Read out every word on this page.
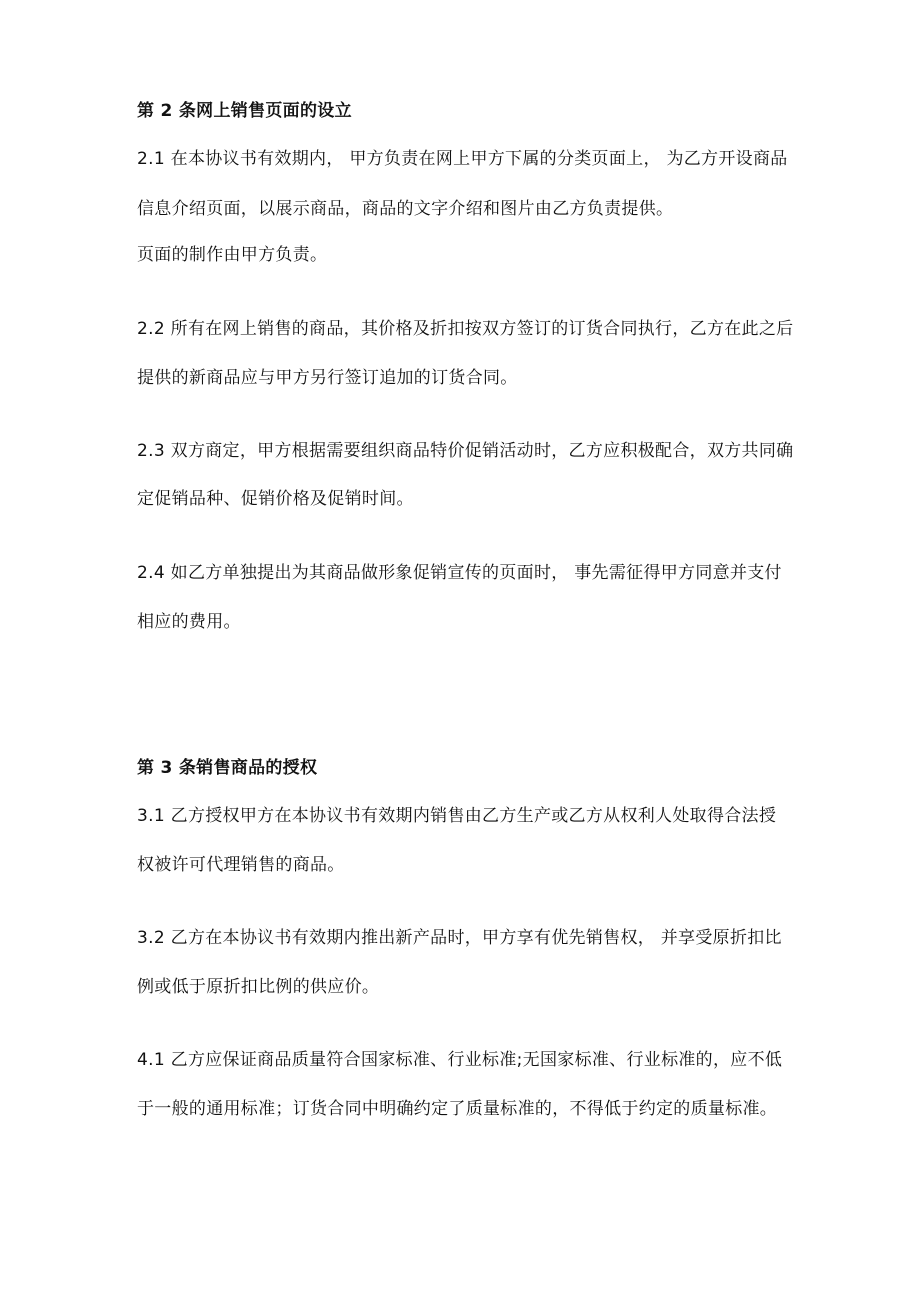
第 2 条网上销售页面的设立
2.1 在本协议书有效期内， 甲方负责在网上甲方下属的分类页面上， 为乙方开设商品
信息介绍页面，以展示商品，商品的文字介绍和图片由乙方负责提供。
页面的制作由甲方负责。
2.2 所有在网上销售的商品，其价格及折扣按双方签订的订货合同执行，乙方在此之后
提供的新商品应与甲方另行签订追加的订货合同。
2.3 双方商定，甲方根据需要组织商品特价促销活动时，乙方应积极配合，双方共同确
定促销品种、促销价格及促销时间。
2.4 如乙方单独提出为其商品做形象促销宣传的页面时， 事先需征得甲方同意并支付
相应的费用。
第 3 条销售商品的授权
3.1 乙方授权甲方在本协议书有效期内销售由乙方生产或乙方从权利人处取得合法授
权被许可代理销售的商品。
3.2 乙方在本协议书有效期内推出新产品时，甲方享有优先销售权， 并享受原折扣比
例或低于原折扣比例的供应价。
4.1 乙方应保证商品质量符合国家标准、行业标准;无国家标准、行业标准的，应不低
于一般的通用标准；订货合同中明确约定了质量标准的，不得低于约定的质量标准。
